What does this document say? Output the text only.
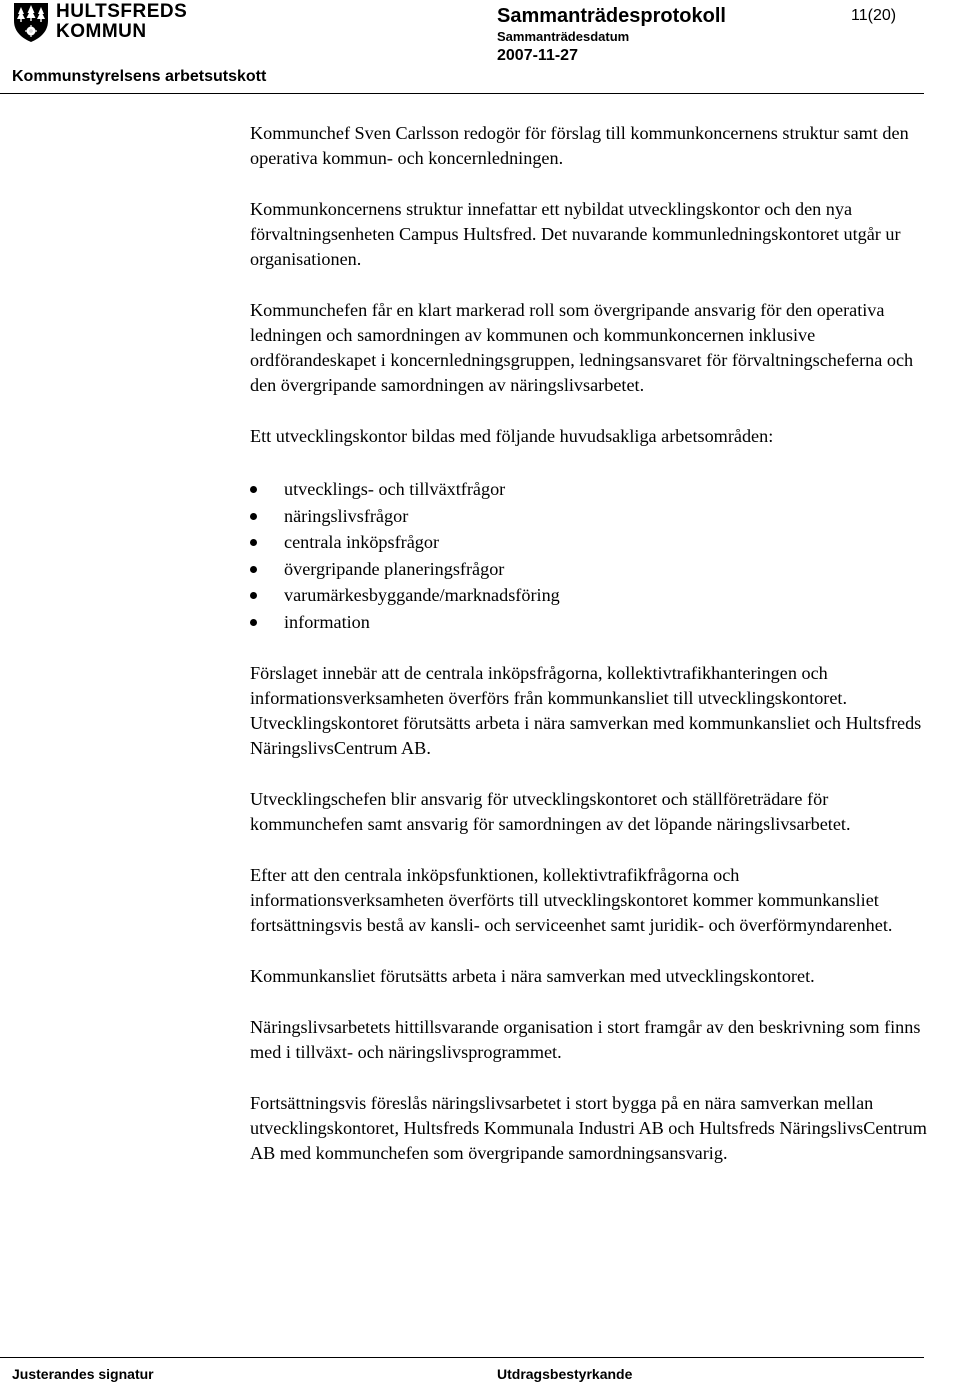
HULTSFREDS
KOMMUN
Sammanträdesprotokoll
Sammanträdesdatum
2007-11-27
11(20)
Kommunstyrelsens arbetsutskott

Kommunchef Sven Carlsson redogör för förslag till kommunkoncernens struktur samt den operativa kommun- och koncernledningen.

Kommunkoncernens struktur innefattar ett nybildat utvecklingskontor och den nya förvaltningsenheten Campus Hultsfred. Det nuvarande kommunledningskontoret utgår ur organisationen.

Kommunchefen får en klart markerad roll som övergripande ansvarig för den operativa ledningen och samordningen av kommunen och kommunkoncernen inklusive ordförandeskapet i koncernledningsgruppen, ledningsansvaret för förvaltningscheferna och den övergripande samordningen av näringslivsarbetet.

Ett utvecklingskontor bildas med följande huvudsakliga arbetsområden:

utvecklings- och tillväxtfrågor
näringslivsfrågor
centrala inköpsfrågor
övergripande planeringsfrågor
varumärkesbyggande/marknadsföring
information

Förslaget innebär att de centrala inköpsfrågorna, kollektivtrafikhanteringen och informationsverksamheten överförs från kommunkansliet till utvecklingskontoret. Utvecklingskontoret förutsätts arbeta i nära samverkan med kommunkansliet och Hultsfreds NäringslivsCentrum AB.

Utvecklingschefen blir ansvarig för utvecklingskontoret och ställföreträdare för kommunchefen samt ansvarig för samordningen av det löpande näringslivsarbetet.

Efter att den centrala inköpsfunktionen, kollektivtrafikfrågorna och informationsverksamheten överförts till utvecklingskontoret kommer kommunkansliet fortsättningsvis bestå av kansli- och serviceenhet samt juridik- och överförmyndarenhet.

Kommunkansliet förutsätts arbeta i nära samverkan med utvecklingskontoret.

Näringslivsarbetets hittillsvarande organisation i stort framgår av den beskrivning som finns med i tillväxt- och näringslivsprogrammet.

Fortsättningsvis föreslås näringslivsarbetet i stort bygga på en nära samverkan mellan utvecklingskontoret, Hultsfreds Kommunala Industri AB och Hultsfreds NäringslivsCentrum AB med kommunchefen som övergripande samordningsansvarig.

Justerandes signatur	Utdragsbestyrkande
